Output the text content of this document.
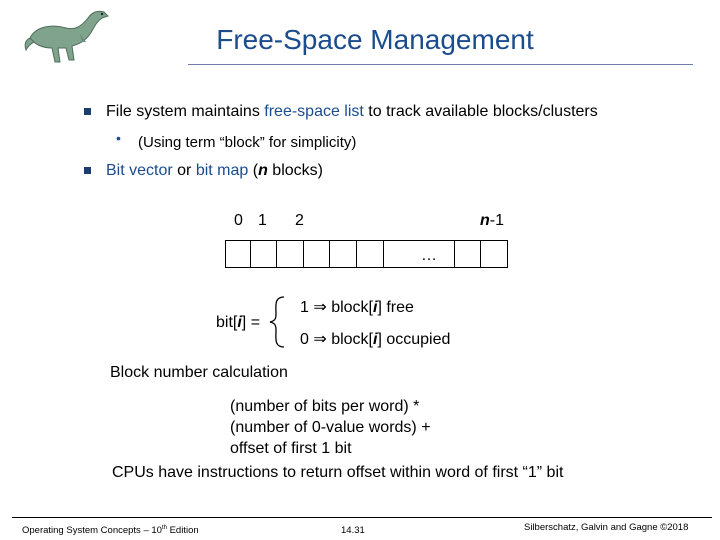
Free-Space Management
File system maintains free-space list to track available blocks/clusters
• (Using term “block” for simplicity)
Bit vector or bit map (n blocks)
0 1 2	n-1
…
bit[i] =
1 ⇒ block[i] free
0 ⇒ block[i] occupied
Block number calculation
(number of bits per word) *
(number of 0-value words) +
offset of first 1 bit
CPUs have instructions to return offset within word of first “1” bit
Operating System Concepts – 10th Edition	14.31	Silberschatz, Galvin and Gagne ©2018
